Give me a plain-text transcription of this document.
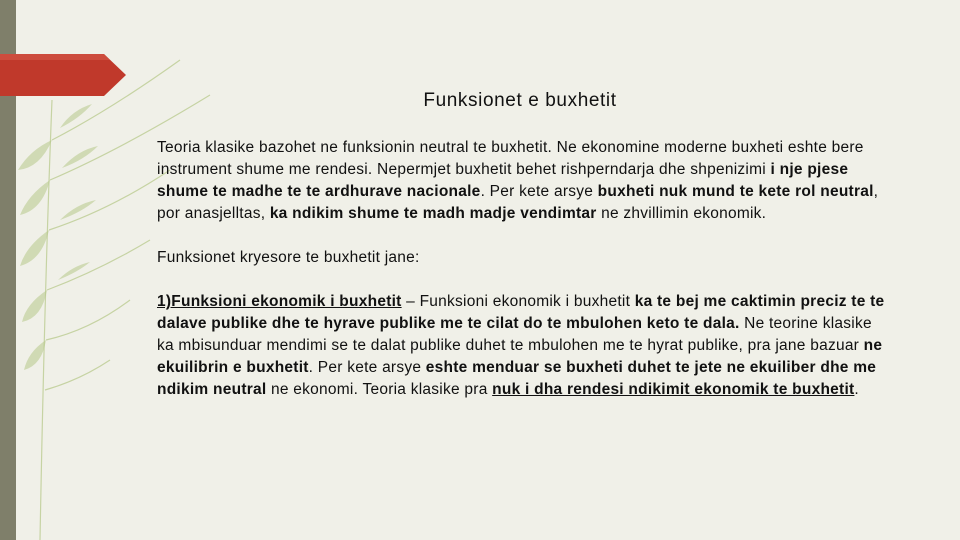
Funksionet e buxhetit

Teoria klasike bazohet ne funksionin neutral te buxhetit. Ne ekonomine moderne buxheti eshte bere instrument shume me rendesi. Nepermjet buxhetit behet rishperndarja dhe shpenizimi i nje pjese shume te madhe te te ardhurave nacionale. Per kete arsye buxheti nuk mund te kete rol neutral, por anasjelltas, ka ndikim shume te madh madje vendimtar ne zhvillimin ekonomik.

Funksionet kryesore te buxhetit jane:

1)Funksioni ekonomik i buxhetit – Funksioni ekonomik i buxhetit ka te bej me caktimin preciz te te dalave publike dhe te hyrave publike me te cilat do te mbulohen keto te dala. Ne teorine klasike ka mbisunduar mendimi se te dalat publike duhet te mbulohen me te hyrat publike, pra jane bazuar ne ekuilibrin e buxhetit. Per kete arsye eshte menduar se buxheti duhet te jete ne ekuiliber dhe me ndikim neutral ne ekonomi. Teoria klasike pra nuk i dha rendesi ndikimit ekonomik te buxhetit.
